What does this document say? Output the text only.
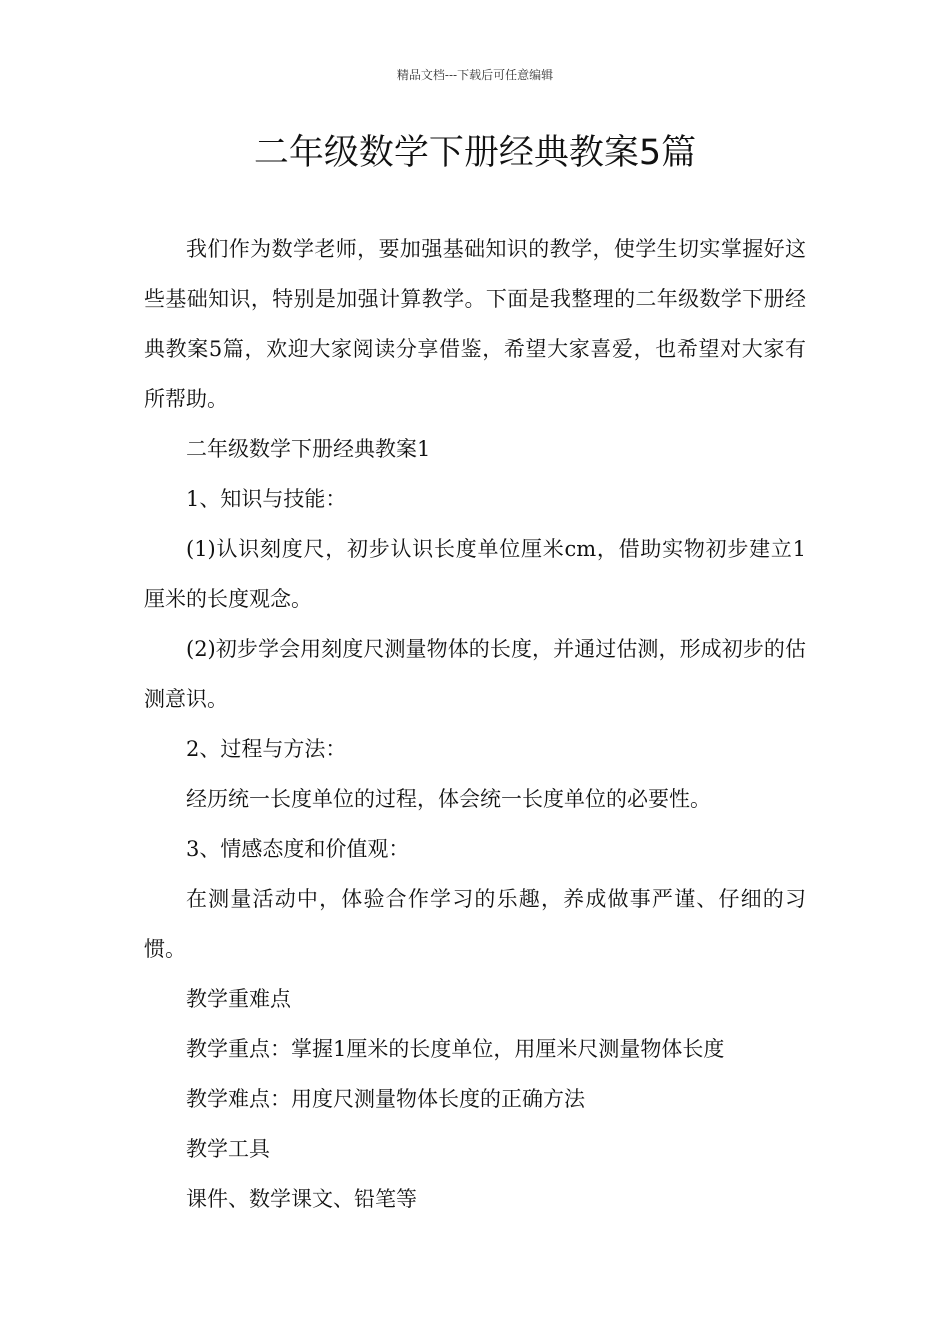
精品文档---下载后可任意编辑
二年级数学下册经典教案5篇

我们作为数学老师，要加强基础知识的教学，使学生切实掌握好这些基础知识，特别是加强计算教学。下面是我整理的二年级数学下册经典教案5篇，欢迎大家阅读分享借鉴，希望大家喜爱，也希望对大家有所帮助。

二年级数学下册经典教案1

1、知识与技能：

(1)认识刻度尺，初步认识长度单位厘米cm，借助实物初步建立1厘米的长度观念。

(2)初步学会用刻度尺测量物体的长度，并通过估测，形成初步的估测意识。

2、过程与方法：

经历统一长度单位的过程，体会统一长度单位的必要性。

3、情感态度和价值观：

在测量活动中，体验合作学习的乐趣，养成做事严谨、仔细的习惯。

教学重难点

教学重点：掌握1厘米的长度单位，用厘米尺测量物体长度

教学难点：用度尺测量物体长度的正确方法

教学工具

课件、数学课文、铅笔等
